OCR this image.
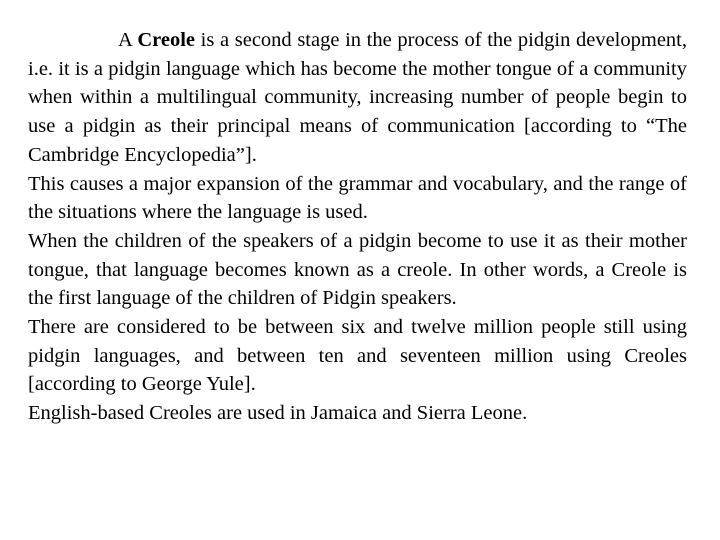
A Creole is a second stage in the process of the pidgin development, i.e. it is a pidgin language which has become the mother tongue of a community when within a multilingual community, increasing number of people begin to use a pidgin as their principal means of communication [according to “The Cambridge Encyclopedia”].

This causes a major expansion of the grammar and vocabulary, and the range of the situations where the language is used.

When the children of the speakers of a pidgin become to use it as their mother tongue, that language becomes known as a creole. In other words, a Creole is the first language of the children of Pidgin speakers.

There are considered to be between six and twelve million people still using pidgin languages, and between ten and seventeen million using Creoles [according to George Yule].

English-based Creoles are used in Jamaica and Sierra Leone.
